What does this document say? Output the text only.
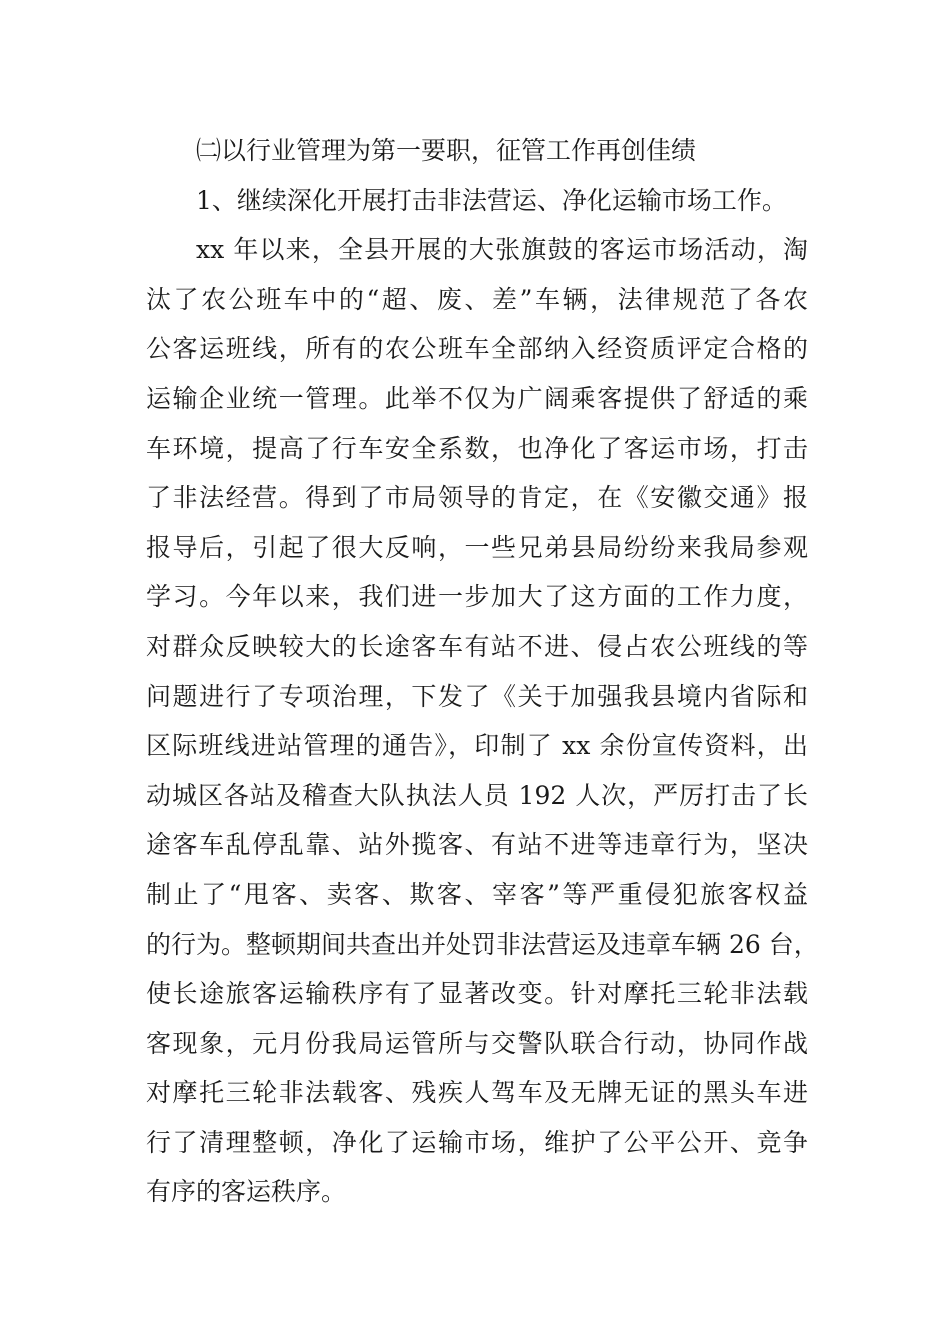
㈡以行业管理为第一要职，征管工作再创佳绩
1、继续深化开展打击非法营运、净化运输市场工作。
xx 年以来，全县开展的大张旗鼓的客运市场活动，淘
汰了农公班车中的“超、废、差”车辆，法律规范了各农
公客运班线，所有的农公班车全部纳入经资质评定合格的
运输企业统一管理。此举不仅为广阔乘客提供了舒适的乘
车环境，提高了行车安全系数，也净化了客运市场，打击
了非法经营。得到了市局领导的肯定，在《安徽交通》报
报导后，引起了很大反响，一些兄弟县局纷纷来我局参观
学习。今年以来，我们进一步加大了这方面的工作力度，
对群众反映较大的长途客车有站不进、侵占农公班线的等
问题进行了专项治理，下发了《关于加强我县境内省际和
区际班线进站管理的通告》，印制了 xx 余份宣传资料，出
动城区各站及稽查大队执法人员 192 人次，严厉打击了长
途客车乱停乱靠、站外揽客、有站不进等违章行为，坚决
制止了“甩客、卖客、欺客、宰客”等严重侵犯旅客权益
的行为。整顿期间共查出并处罚非法营运及违章车辆 26 台，
使长途旅客运输秩序有了显著改变。针对摩托三轮非法载
客现象，元月份我局运管所与交警队联合行动，协同作战
对摩托三轮非法载客、残疾人驾车及无牌无证的黑头车进
行了清理整顿，净化了运输市场，维护了公平公开、竞争
有序的客运秩序。
